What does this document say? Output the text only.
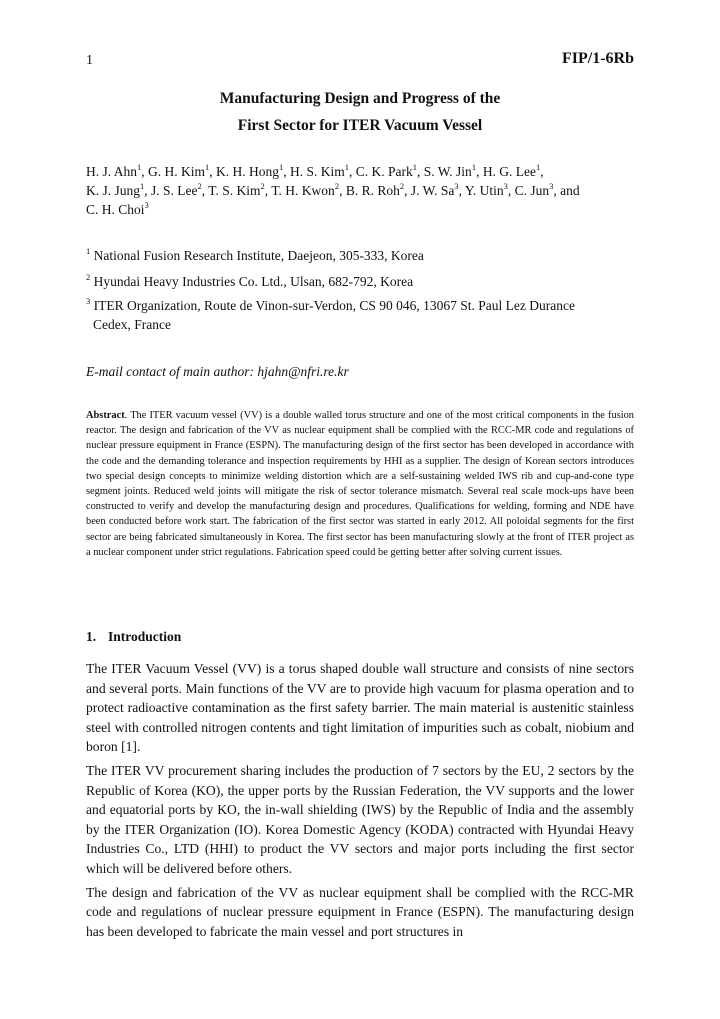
1	FIP/1-6Rb
Manufacturing Design and Progress of the
First Sector for ITER Vacuum Vessel
H. J. Ahn$^1$, G. H. Kim$^1$, K. H. Hong$^1$, H. S. Kim$^1$, C. K. Park$^1$, S. W. Jin$^1$, H. G. Lee$^1$,
K. J. Jung$^1$, J. S. Lee$^2$, T. S. Kim$^2$, T. H. Kwon$^2$, B. R. Roh$^2$, J. W. Sa$^3$, Y. Utin$^3$, C. Jun$^3$, and
C. H. Choi$^3$
$^1$ National Fusion Research Institute, Daejeon, 305-333, Korea
$^2$ Hyundai Heavy Industries Co. Ltd., Ulsan, 682-792, Korea
$^3$ ITER Organization, Route de Vinon-sur-Verdon, CS 90 046, 13067 St. Paul Lez Durance
Cedex, France
E-mail contact of main author: hjahn@nfri.re.kr
Abstract. The ITER vacuum vessel (VV) is a double walled torus structure and one of the most critical components in the fusion reactor. The design and fabrication of the VV as nuclear equipment shall be complied with the RCC-MR code and regulations of nuclear pressure equipment in France (ESPN). The manufacturing design of the first sector has been developed in accordance with the code and the demanding tolerance and inspection requirements by HHI as a supplier. The design of Korean sectors introduces two special design concepts to minimize welding distortion which are a self-sustaining welded IWS rib and cup-and-cone type segment joints. Reduced weld joints will mitigate the risk of sector tolerance mismatch. Several real scale mock-ups have been constructed to verify and develop the manufacturing design and procedures. Qualifications for welding, forming and NDE have been conducted before work start. The fabrication of the first sector was started in early 2012. All poloidal segments for the first sector are being fabricated simultaneously in Korea. The first sector has been manufacturing slowly at the front of ITER project as a nuclear component under strict regulations. Fabrication speed could be getting better after solving current issues.
1. Introduction

The ITER Vacuum Vessel (VV) is a torus shaped double wall structure and consists of nine sectors and several ports. Main functions of the VV are to provide high vacuum for plasma operation and to protect radioactive contamination as the first safety barrier. The main material is austenitic stainless steel with controlled nitrogen contents and tight limitation of impurities such as cobalt, niobium and boron [1].

The ITER VV procurement sharing includes the production of 7 sectors by the EU, 2 sectors by the Republic of Korea (KO), the upper ports by the Russian Federation, the VV supports and the lower and equatorial ports by KO, the in-wall shielding (IWS) by the Republic of India and the assembly by the ITER Organization (IO). Korea Domestic Agency (KODA) contracted with Hyundai Heavy Industries Co., LTD (HHI) to product the VV sectors and major ports including the first sector which will be delivered before others.

The design and fabrication of the VV as nuclear equipment shall be complied with the RCC-MR code and regulations of nuclear pressure equipment in France (ESPN). The manufacturing design has been developed to fabricate the main vessel and port structures in
